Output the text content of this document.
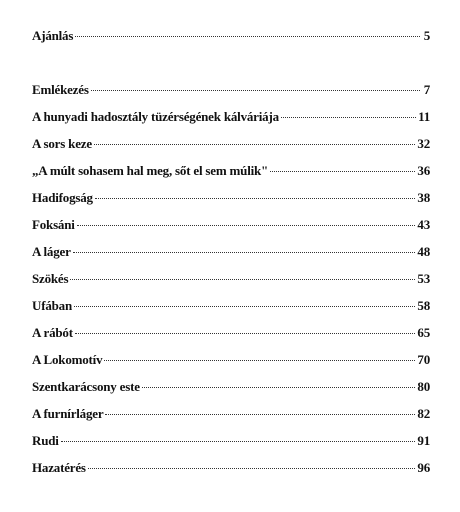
Ajánlás	5
Emlékezés	7
A hunyadi hadosztály tüzérségének kálváriája	11
A sors keze	32
„A múlt sohasem hal meg, sőt el sem múlik"	36
Hadifogság	38
Foksáni	43
A láger	48
Szökés	53
Ufában	58
A rábót	65
A Lokomotív	70
Szentkarácsony este	80
A furnírláger	82
Rudi	91
Hazatérés	96
